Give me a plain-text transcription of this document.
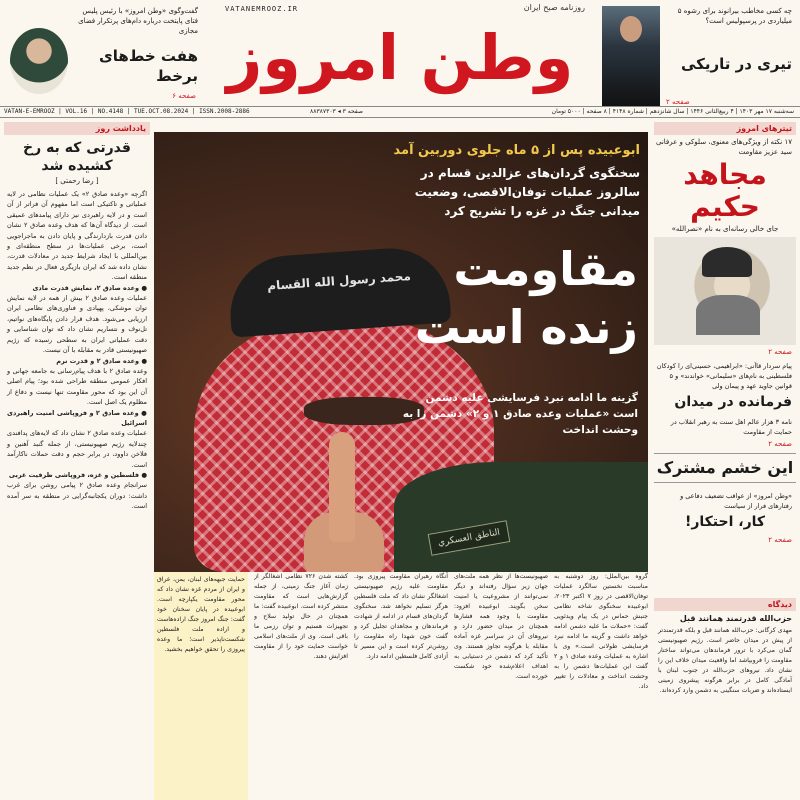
گفت‌وگوی «وطن امروز» با رئیس پلیس فتای پایتخت درباره دام‌های پرتکرار فضای مجازی
هفت خط‌های برخط
صفحه ۶
VATANEMROOZ.IR	روزنامه صبح ایران
وطن امروز
چه کسی مخاطب بیرانوند برای رشوه ۵ میلیاردی در پرسپولیس است؟
تیری در تاریکی
صفحه ۲
VATAN-E-EMROOZ | VOL.16 | NO.4148 | TUE.OCT.08.2024 | ISSN.2008-2886	صفحه ۳ ◂ ۸۸۳۸۷۳۰۳	سه‌شنبه ۱۷ مهر ۱۴۰۳ | ۴ ربیع‌الثانی ۱۴۴۶ | سال شانزدهم | شماره ۴۱۴۸ | ۸ صفحه | ۵۰۰۰ تومان
تیترهای امروز
۱۷ نکته از ویژگی‌های معنوی، سلوکی و عرفانی سید عزیز مقاومت
مجاهد حکیم
جای خالی رسانه‌ای به نام «نصرالله»
صفحه ۲
پیام سردار قاآنی: «ابراهیمی، حسینی‌ای را کودکان فلسطینی به نام‌های «سلیمانی» خواندند» و ۵ قوانین جاوید عهد و پیمان ولی
فرمانده در میدان
نامه ۳ هزار عالم اهل سنت به رهبر انقلاب در حمایت از مقاومت
صفحه ۲
این خشم مشترک
«وطن امروز» از عواقب تضعیف دفاعی و رفتارهای فرار از سیاست
کار، احتکار!
صفحه ۲
یادداشت روز
قدرتی که به رخ کشیده شد
[ رضا رحمتی ]
اگرچه «وعده صادق ۲» یک عملیات نظامی در لایه عملیاتی و تاکتیکی است اما مفهوم آن فراتر از آن است و در لایه راهبردی نیز دارای پیامدهای عمیقی است. از دیدگاه آن‌ها که هدف وعده صادق ۲ نشان دادن قدرت بازدارندگی و پایان دادن به ماجراجویی است، برخی عملیات‌ها در سطح منطقه‌ای و بین‌المللی با ایجاد شرایط جدید در معادلات قدرت، نشان داده شد که ایران بازیگری فعال در نظم جدید منطقه است.
● وعده صادق ۲، نمایش قدرت مادی
عملیات وعده صادق ۲ بیش از همه در لایه نمایش توان موشکی، پهپادی و فناوری‌های نظامی ایران ارزیابی می‌شود. هدف قرار دادن پایگاه‌های نواتیم، تل‌نوف و نتساریم نشان داد که توان شناسایی و دقت عملیاتی ایران به سطحی رسیده که رژیم صهیونیستی قادر به مقابله با آن نیست.
● وعده صادق ۲ و قدرت نرم
وعده صادق ۲ با هدف پیام‌رسانی به جامعه جهانی و افکار عمومی منطقه طراحی شده بود؛ پیام اصلی آن این بود که محور مقاومت تنها نیست و دفاع از مظلوم یک اصل است.
● وعده صادق ۲ و فروپاشی امنیت راهبردی اسرائیل
عملیات وعده صادق ۲ نشان داد که لایه‌های پدافندی چندلایه رژیم صهیونیستی، از جمله گنبد آهنین و فلاخن داوود، در برابر حجم و دقت حملات ناکارآمد است.
● فلسطین و غزه، فروپاشی ظرفیت غربی
سرانجام وعده صادق ۲ پیامی روشن برای غرب داشت: دوران یکجانبه‌گرایی در منطقه به سر آمده است.
محمد رسول الله القسام
الناطق العسكري
ابوعبیده پس از ۵ ماه جلوی دوربین آمد
سخنگوی گردان‌های عزالدین قسام در سالروز عملیات توفان‌الاقصی، وضعیت میدانی جنگ در غزه را تشریح کرد
مقاومت زنده است
گزینه ما ادامه نبرد فرسایشی علیه دشمن است «عملیات وعده صادق ۱ و ۲» دشمن را به وحشت انداخت
گروه بین‌الملل: روز دوشنبه به مناسبت نخستین سالگرد عملیات توفان‌الاقصی در روز ۷ اکتبر ۲۰۲۳، ابوعبیده سخنگوی شاخه نظامی جنبش حماس در یک پیام ویدئویی گفت: «حملات ما علیه دشمن ادامه خواهد داشت و گزینه ما ادامه نبرد فرسایشی طولانی است.» وی با اشاره به عملیات وعده صادق ۱ و ۲ گفت این عملیات‌ها دشمن را به وحشت انداخت و معادلات را تغییر داد.
صهیونیست‌ها از نظر همه ملت‌های جهان زیر سؤال رفته‌اند و دیگر نمی‌توانند از مشروعیت یا امنیت سخن بگویند. ابوعبیده افزود: مقاومت با وجود همه فشارها همچنان در میدان حضور دارد و نیروهای آن در سراسر غزه آماده مقابله با هرگونه تجاوز هستند. وی تأکید کرد که دشمن در دستیابی به اهداف اعلام‌شده خود شکست خورده است.
آنگاه رهبران مقاومت پیروزی بود. مقاومت علیه رژیم صهیونیستی اشغالگر نشان داد که ملت فلسطین هرگز تسلیم نخواهد شد. سخنگوی گردان‌های قسام در ادامه از شهادت فرماندهان و مجاهدان تجلیل کرد و گفت خون شهدا راه مقاومت را روشن‌تر کرده است و این مسیر تا آزادی کامل فلسطین ادامه دارد.
کشته شدن ۷۲۶ نظامی اشغالگر از زمان آغاز جنگ زمینی، از جمله گزارش‌هایی است که مقاومت منتشر کرده است. ابوعبیده گفت: ما همچنان در حال تولید سلاح و تجهیزات هستیم و توان رزمی ما باقی است. وی از ملت‌های اسلامی خواست حمایت خود را از مقاومت افزایش دهند.
حمایت جبهه‌های لبنان، یمن، عراق و ایران از مردم غزه نشان داد که محور مقاومت یکپارچه است. ابوعبیده در پایان سخنان خود گفت: جنگ امروز جنگ اراده‌هاست و اراده ملت فلسطین شکست‌ناپذیر است؛ ما وعده پیروزی را تحقق خواهیم بخشید.
دیدگاه
حزب‌الله قدرتمند همانند قبل
مهدی کرگانی: حزب‌الله همانند قبل و بلکه قدرتمندتر از پیش در میدان حاضر است. رژیم صهیونیستی گمان می‌کرد با ترور فرماندهان می‌تواند ساختار مقاومت را فروبپاشد اما واقعیت میدان خلاف این را نشان داد. نیروهای حزب‌الله در جنوب لبنان با آمادگی کامل در برابر هرگونه پیشروی زمینی ایستاده‌اند و ضربات سنگینی به دشمن وارد کرده‌اند.
